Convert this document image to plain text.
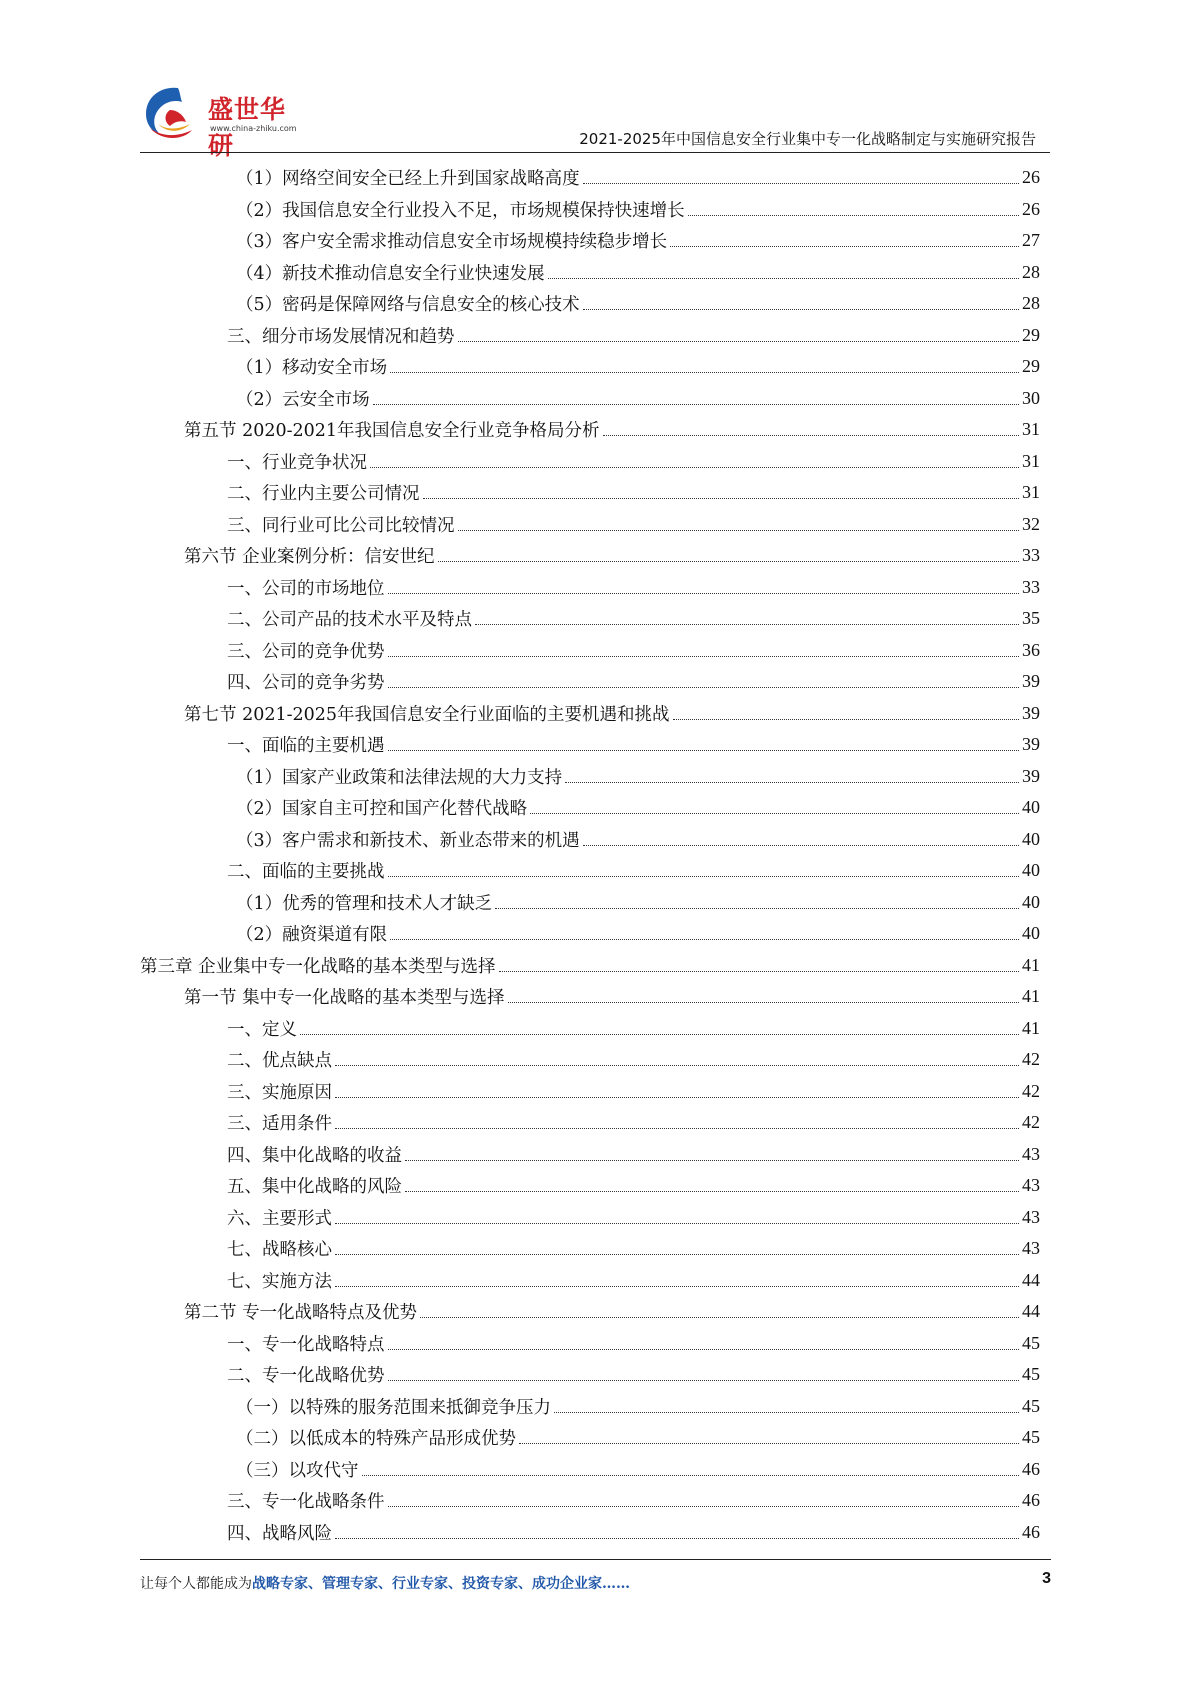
盛世华研
www.china-zhiku.com
2021-2025年中国信息安全行业集中专一化战略制定与实施研究报告
（1）网络空间安全已经上升到国家战略高度	26
（2）我国信息安全行业投入不足，市场规模保持快速增长	26
（3）客户安全需求推动信息安全市场规模持续稳步增长	27
（4）新技术推动信息安全行业快速发展	28
（5）密码是保障网络与信息安全的核心技术	28
三、细分市场发展情况和趋势	29
（1）移动安全市场	29
（2）云安全市场	30
第五节 2020-2021年我国信息安全行业竞争格局分析	31
一、行业竞争状况	31
二、行业内主要公司情况	31
三、同行业可比公司比较情况	32
第六节 企业案例分析：信安世纪	33
一、公司的市场地位	33
二、公司产品的技术水平及特点	35
三、公司的竞争优势	36
四、公司的竞争劣势	39
第七节 2021-2025年我国信息安全行业面临的主要机遇和挑战	39
一、面临的主要机遇	39
（1）国家产业政策和法律法规的大力支持	39
（2）国家自主可控和国产化替代战略	40
（3）客户需求和新技术、新业态带来的机遇	40
二、面临的主要挑战	40
（1）优秀的管理和技术人才缺乏	40
（2）融资渠道有限	40
第三章 企业集中专一化战略的基本类型与选择	41
第一节 集中专一化战略的基本类型与选择	41
一、定义	41
二、优点缺点	42
三、实施原因	42
三、适用条件	42
四、集中化战略的收益	43
五、集中化战略的风险	43
六、主要形式	43
七、战略核心	43
七、实施方法	44
第二节 专一化战略特点及优势	44
一、专一化战略特点	45
二、专一化战略优势	45
（一）以特殊的服务范围来抵御竞争压力	45
（二）以低成本的特殊产品形成优势	45
（三）以攻代守	46
三、专一化战略条件	46
四、战略风险	46
让每个人都能成为战略专家、管理专家、行业专家、投资专家、成功企业家……	3
